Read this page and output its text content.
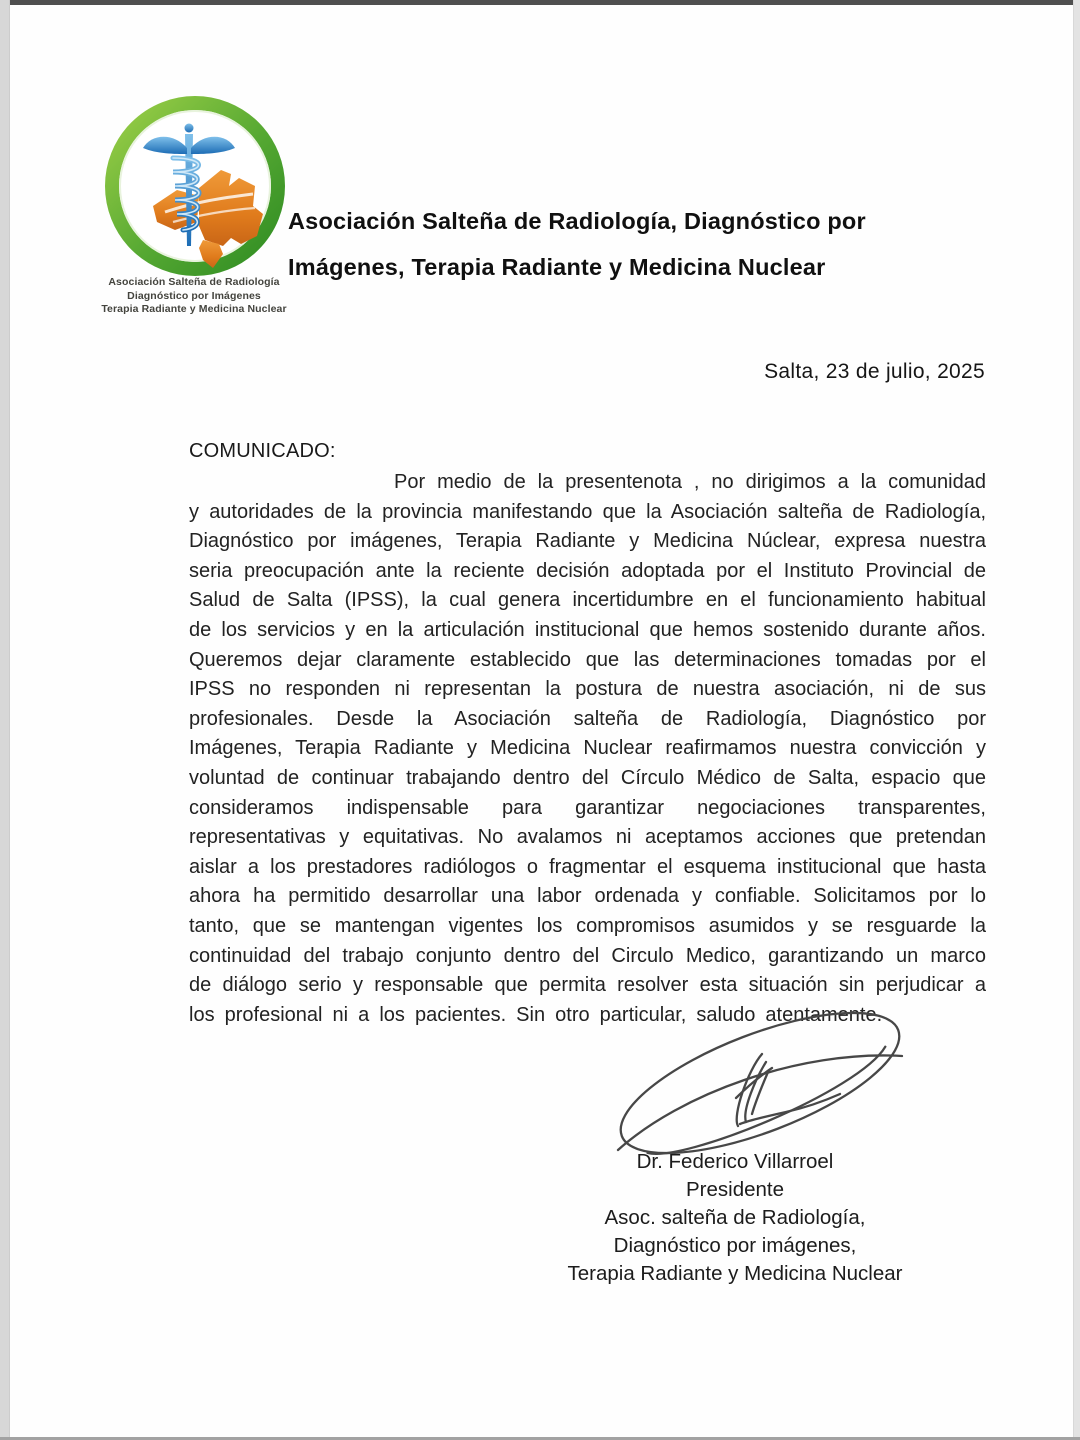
Asociación Salteña de Radiología
Diagnóstico por Imágenes
Terapia Radiante y Medicina Nuclear
Asociación Salteña de Radiología, Diagnóstico por
Imágenes, Terapia Radiante y Medicina Nuclear
Salta, 23 de julio, 2025
COMUNICADO:

Por medio de la presentenota , no dirigimos a la comunidad y autoridades de la provincia manifestando que la Asociación salteña de Radiología, Diagnóstico por imágenes, Terapia Radiante y Medicina Núclear, expresa nuestra seria preocupación ante la reciente decisión adoptada por el Instituto Provincial de Salud de Salta (IPSS), la cual genera incertidumbre en el funcionamiento habitual de los servicios y en la articulación institucional que hemos sostenido durante años. Queremos dejar claramente establecido que las determinaciones tomadas por el IPSS no responden ni representan la postura de nuestra asociación, ni de sus profesionales. Desde la Asociación salteña de Radiología, Diagnóstico por Imágenes, Terapia Radiante y Medicina Nuclear reafirmamos nuestra convicción y voluntad de continuar trabajando dentro del Círculo Médico de Salta, espacio que consideramos indispensable para garantizar negociaciones transparentes, representativas y equitativas. No avalamos ni aceptamos acciones que pretendan aislar a los prestadores radiólogos o fragmentar el esquema institucional que hasta ahora ha permitido desarrollar una labor ordenada y confiable. Solicitamos por lo tanto, que se mantengan vigentes los compromisos asumidos y se resguarde la continuidad del trabajo conjunto dentro del Circulo Medico, garantizando un marco de diálogo serio y responsable que permita resolver esta situación sin perjudicar a los profesional ni a los pacientes. Sin otro particular, saludo atentamente.

Dr. Federico Villarroel
Presidente
Asoc. salteña de Radiología,
Diagnóstico por imágenes,
Terapia Radiante y Medicina Nuclear
